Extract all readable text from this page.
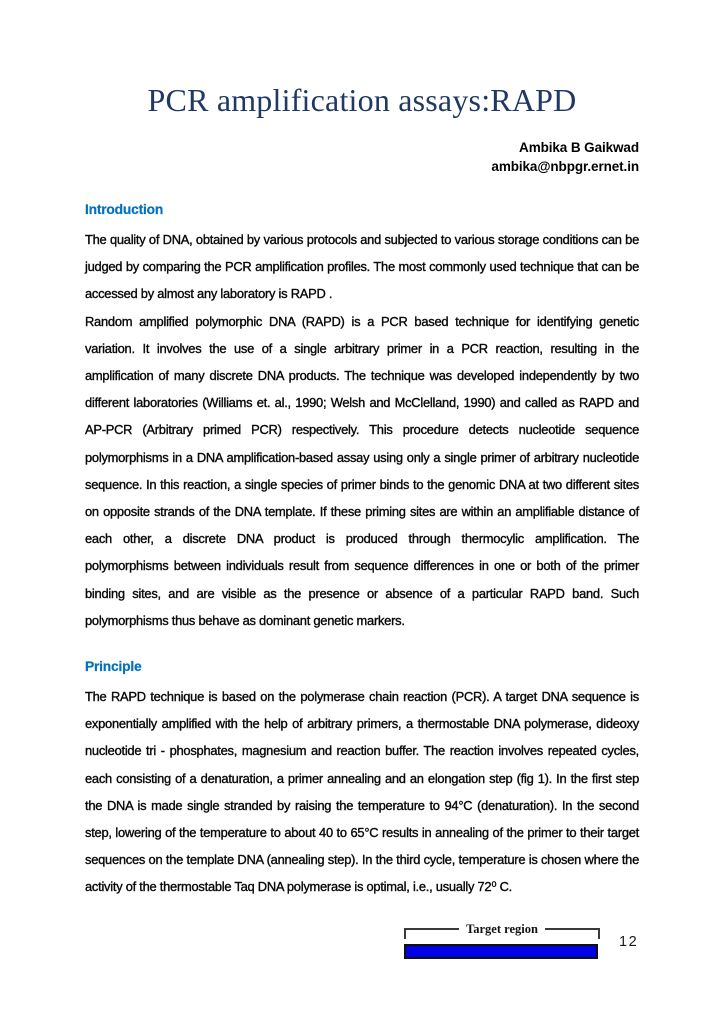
PCR amplification assays:RAPD
Ambika B Gaikwad
ambika@nbpgr.ernet.in
Introduction

The quality of DNA, obtained by various protocols and subjected to various storage conditions can be judged by comparing the PCR amplification profiles. The most commonly used technique that can be accessed by almost any laboratory is RAPD .

Random amplified polymorphic DNA (RAPD) is a PCR based technique for identifying genetic variation. It involves the use of a single arbitrary primer in a PCR reaction, resulting in the amplification of many discrete DNA products. The technique was developed independently by two different laboratories (Williams et. al., 1990; Welsh and McClelland, 1990) and called as RAPD and AP-PCR (Arbitrary primed PCR) respectively. This procedure detects nucleotide sequence polymorphisms in a DNA amplification-based assay using only a single primer of arbitrary nucleotide sequence. In this reaction, a single species of primer binds to the genomic DNA at two different sites on opposite strands of the DNA template. If these priming sites are within an amplifiable distance of each other, a discrete DNA product is produced through thermocylic amplification. The polymorphisms between individuals result from sequence differences in one or both of the primer binding sites, and are visible as the presence or absence of a particular RAPD band. Such polymorphisms thus behave as dominant genetic markers.

Principle

The RAPD technique is based on the polymerase chain reaction (PCR). A target DNA sequence is exponentially amplified with the help of arbitrary primers, a thermostable DNA polymerase, dideoxy nucleotide tri - phosphates, magnesium and reaction buffer. The reaction involves repeated cycles, each consisting of a denaturation, a primer annealing and an elongation step (fig 1). In the first step the DNA is made single stranded by raising the temperature to 94°C (denaturation). In the second step, lowering of the temperature to about 40 to 65°C results in annealing of the primer to their target sequences on the template DNA (annealing step). In the third cycle, temperature is chosen where the activity of the thermostable Taq DNA polymerase is optimal, i.e., usually 72⁰ C.

Target region
12
